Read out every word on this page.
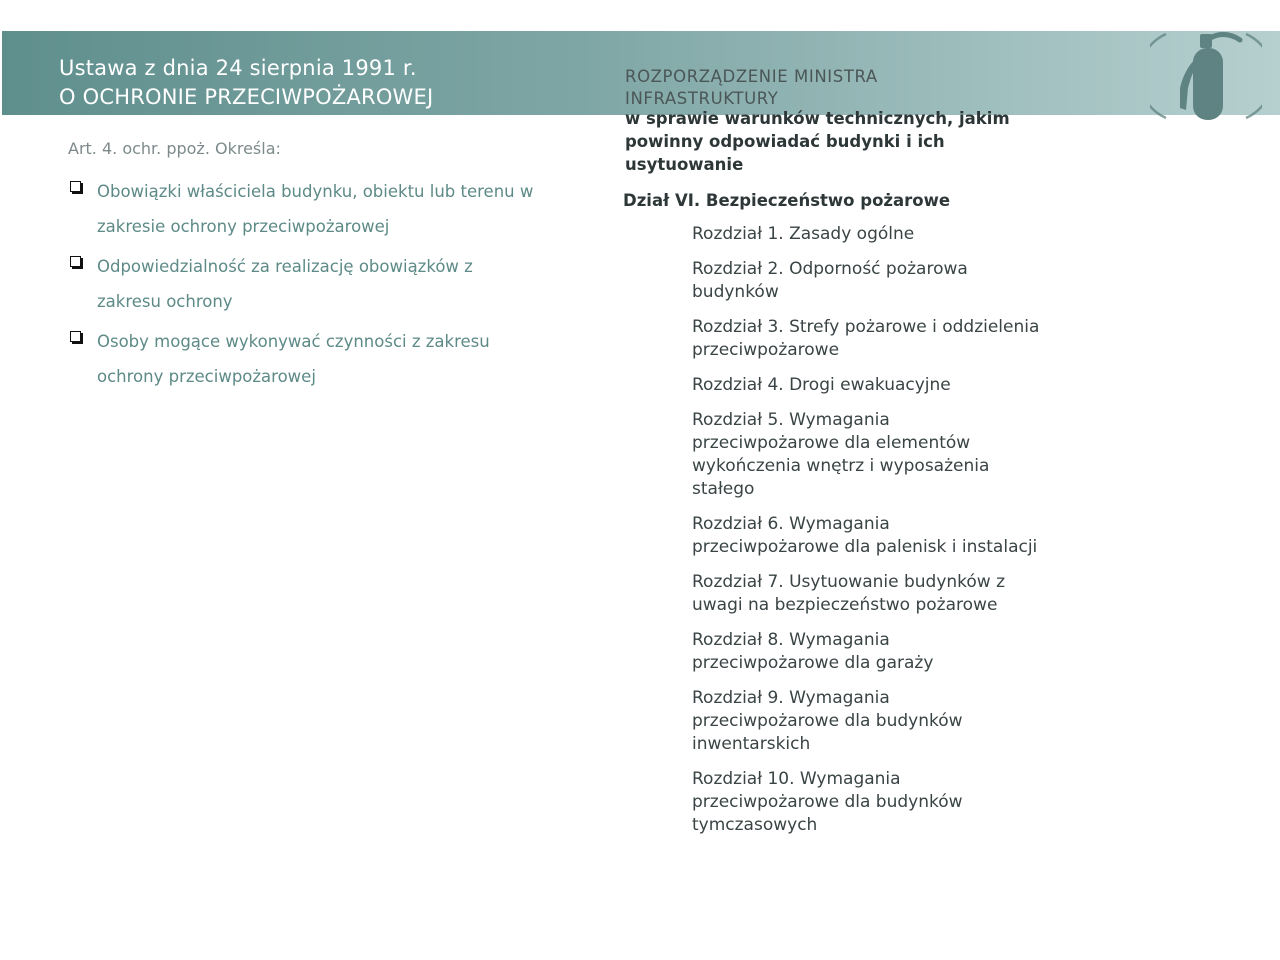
Ustawa z dnia 24 sierpnia 1991 r.
O OCHRONIE PRZECIWPOŻAROWEJ
Art. 4. ochr. ppoż. Określa:
Obowiązki właściciela budynku, obiektu lub terenu w zakresie ochrony przeciwpożarowej
Odpowiedzialność za realizację obowiązków z zakresu ochrony
Osoby mogące wykonywać czynności z zakresu ochrony przeciwpożarowej
ROZPORZĄDZENIE MINISTRA INFRASTRUKTURY
w sprawie warunków technicznych, jakim powinny odpowiadać budynki i ich usytuowanie
Dział VI. Bezpieczeństwo pożarowe
Rozdział 1. Zasady ogólne
Rozdział 2. Odporność pożarowa budynków
Rozdział 3. Strefy pożarowe i oddzielenia przeciwpożarowe
Rozdział 4. Drogi ewakuacyjne
Rozdział 5. Wymagania przeciwpożarowe dla elementów wykończenia wnętrz i wyposażenia stałego
Rozdział 6. Wymagania przeciwpożarowe dla palenisk i instalacji
Rozdział 7. Usytuowanie budynków z uwagi na bezpieczeństwo pożarowe
Rozdział 8. Wymagania przeciwpożarowe dla garaży
Rozdział 9. Wymagania przeciwpożarowe dla budynków inwentarskich
Rozdział 10. Wymagania przeciwpożarowe dla budynków tymczasowych
